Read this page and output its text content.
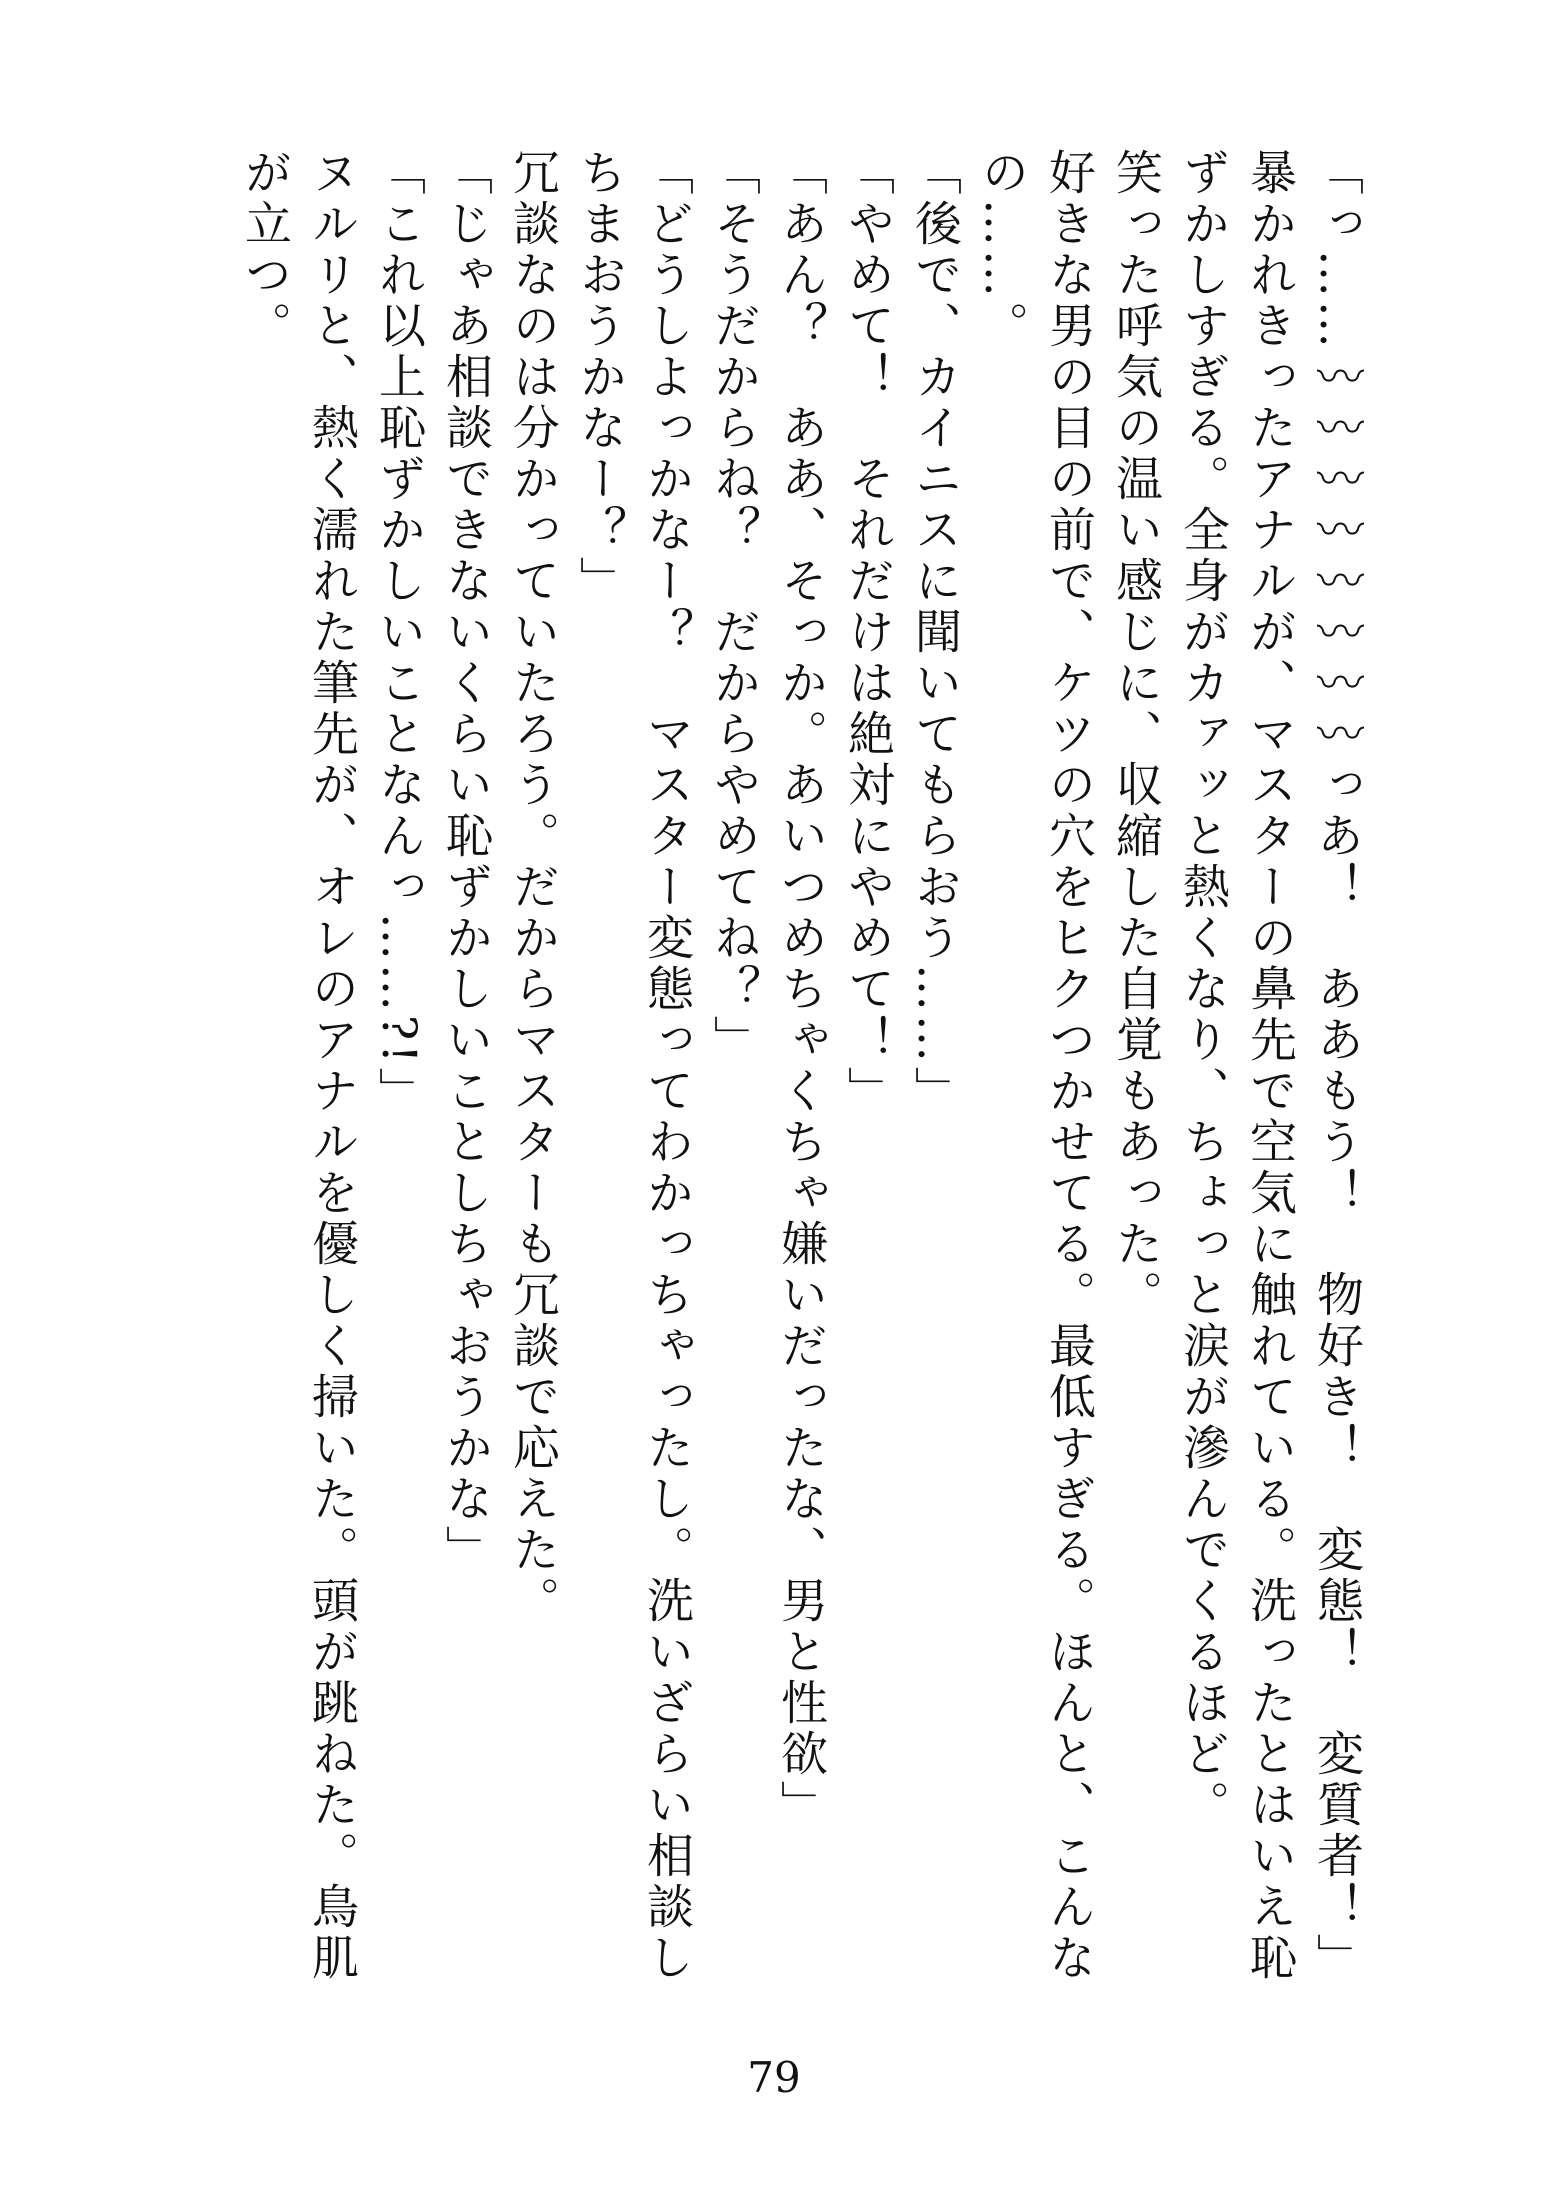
「っ……〰〰〰〰〰〰〰〰っあ！　ああもう！　物好き！　変態！　変質者！」

暴かれきったアナルが、マスターの鼻先で空気に触れている。洗ったとはいえ恥ずかしすぎる。全身がカァッと熱くなり、ちょっと涙が滲んでくるほど。

笑った呼気の温い感じに、収縮した自覚もあった。

好きな男の目の前で、ケツの穴をヒクつかせてる。最低すぎる。ほんと、こんなの……。

「後で、カイニスに聞いてもらおう……」

「やめて！　それだけは絶対にやめて！」

「あん？　ああ、そっか。あいつめちゃくちゃ嫌いだったな、男と性欲」

「そうだからね？　だからやめてね？」

「どうしよっかなー？　マスター変態ってわかっちゃったし。洗いざらい相談しちまおうかなー？」

冗談なのは分かっていたろう。だからマスターも冗談で応えた。

「じゃあ相談できないくらい恥ずかしいことしちゃおうかな」

「これ以上恥ずかしいことなんっ……?!」

ヌルリと、熱く濡れた筆先が、オレのアナルを優しく掃いた。頭が跳ねた。鳥肌が立つ。

79
